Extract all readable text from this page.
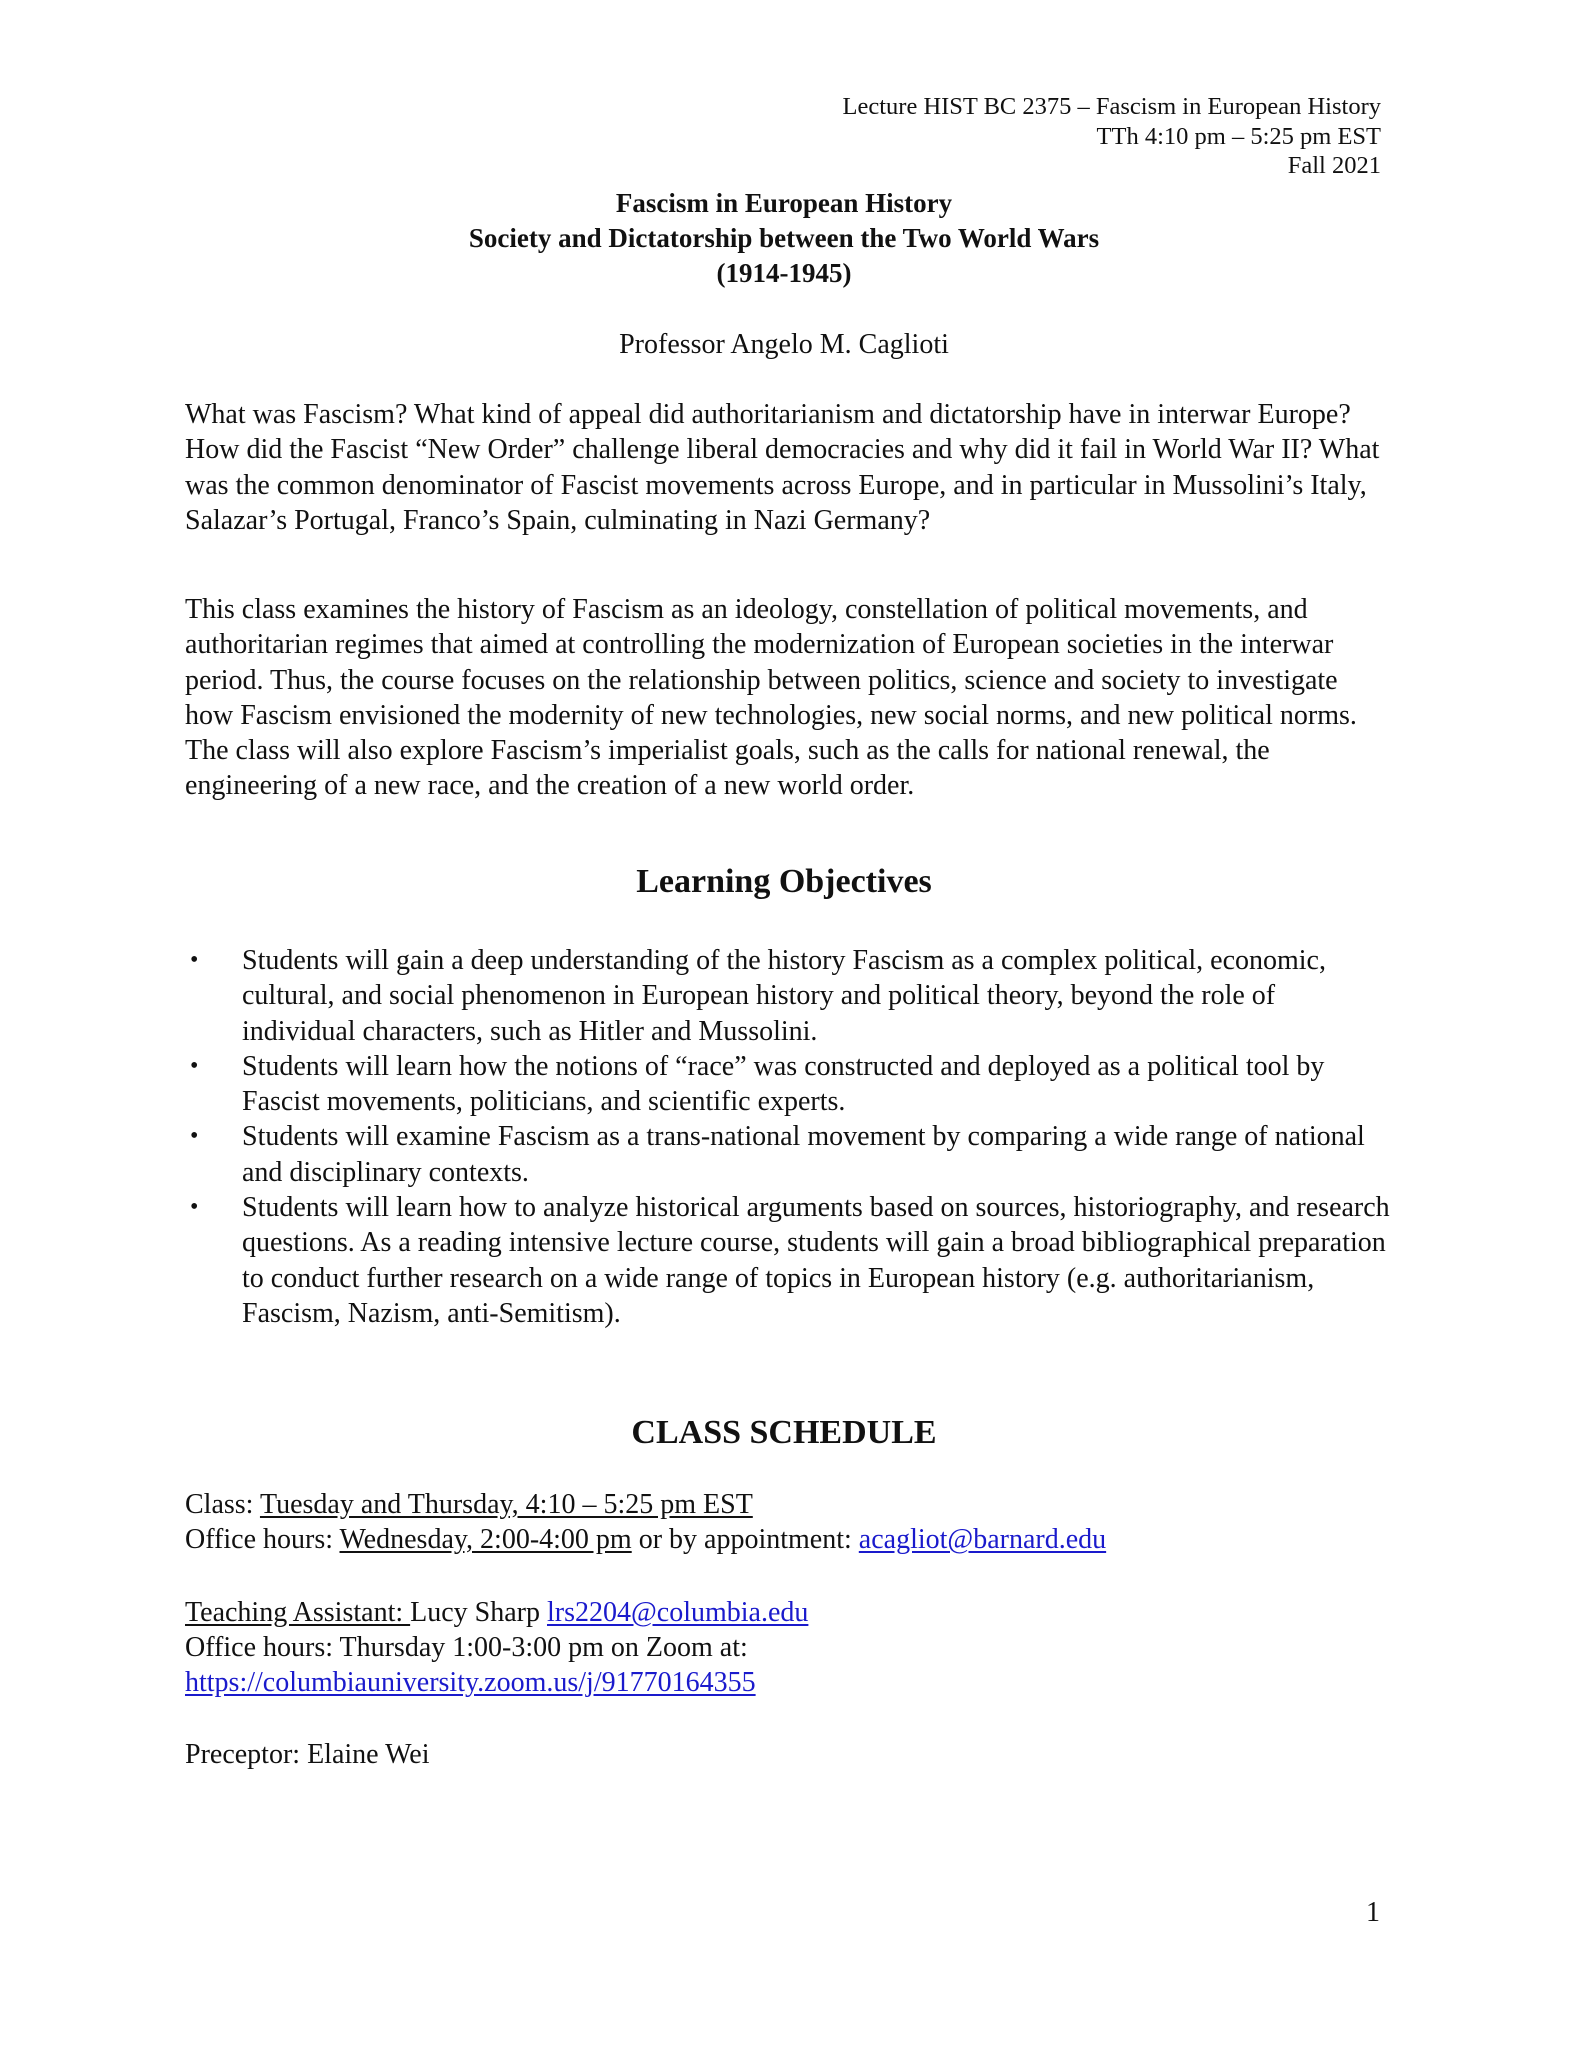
Lecture HIST BC 2375 – Fascism in European History
TTh 4:10 pm – 5:25 pm EST
Fall 2021
Fascism in European History
Society and Dictatorship between the Two World Wars
(1914-1945)
Professor Angelo M. Caglioti
What was Fascism? What kind of appeal did authoritarianism and dictatorship have in interwar Europe? How did the Fascist “New Order” challenge liberal democracies and why did it fail in World War II? What was the common denominator of Fascist movements across Europe, and in particular in Mussolini’s Italy, Salazar’s Portugal, Franco’s Spain, culminating in Nazi Germany?
This class examines the history of Fascism as an ideology, constellation of political movements, and authoritarian regimes that aimed at controlling the modernization of European societies in the interwar period. Thus, the course focuses on the relationship between politics, science and society to investigate how Fascism envisioned the modernity of new technologies, new social norms, and new political norms. The class will also explore Fascism’s imperialist goals, such as the calls for national renewal, the engineering of a new race, and the creation of a new world order.
Learning Objectives
• Students will gain a deep understanding of the history Fascism as a complex political, economic, cultural, and social phenomenon in European history and political theory, beyond the role of individual characters, such as Hitler and Mussolini.
• Students will learn how the notions of “race” was constructed and deployed as a political tool by Fascist movements, politicians, and scientific experts.
• Students will examine Fascism as a trans-national movement by comparing a wide range of national and disciplinary contexts.
• Students will learn how to analyze historical arguments based on sources, historiography, and research questions. As a reading intensive lecture course, students will gain a broad bibliographical preparation to conduct further research on a wide range of topics in European history (e.g. authoritarianism, Fascism, Nazism, anti-Semitism).
CLASS SCHEDULE
Class: Tuesday and Thursday, 4:10 – 5:25 pm EST
Office hours: Wednesday, 2:00-4:00 pm or by appointment: acagliot@barnard.edu
Teaching Assistant: Lucy Sharp lrs2204@columbia.edu
Office hours: Thursday 1:00-3:00 pm on Zoom at:
https://columbiauniversity.zoom.us/j/91770164355
Preceptor: Elaine Wei
1
